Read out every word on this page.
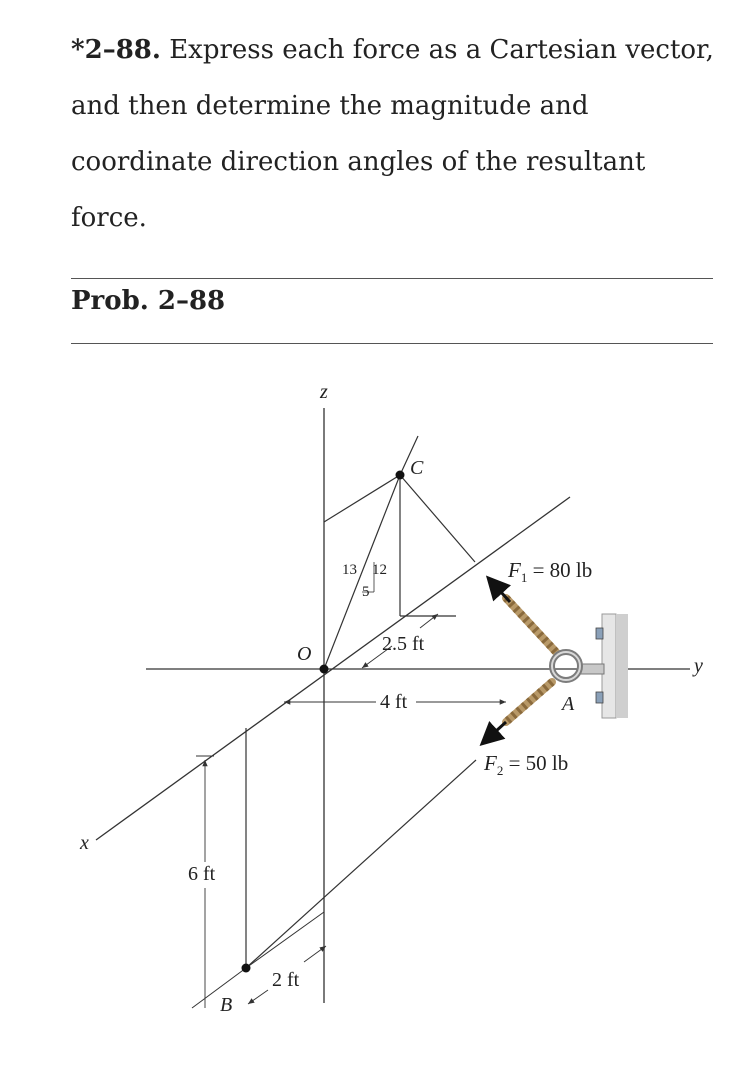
*2–88. Express each force as a Cartesian vector, and then determine the magnitude and coordinate direction angles of the resultant force.
Prob. 2–88
z
y
x
O
C
A
B
$F_1 = 80$ lb
$F_2 = 50$ lb
13 12
5
2.5 ft
4 ft
6 ft
2 ft
